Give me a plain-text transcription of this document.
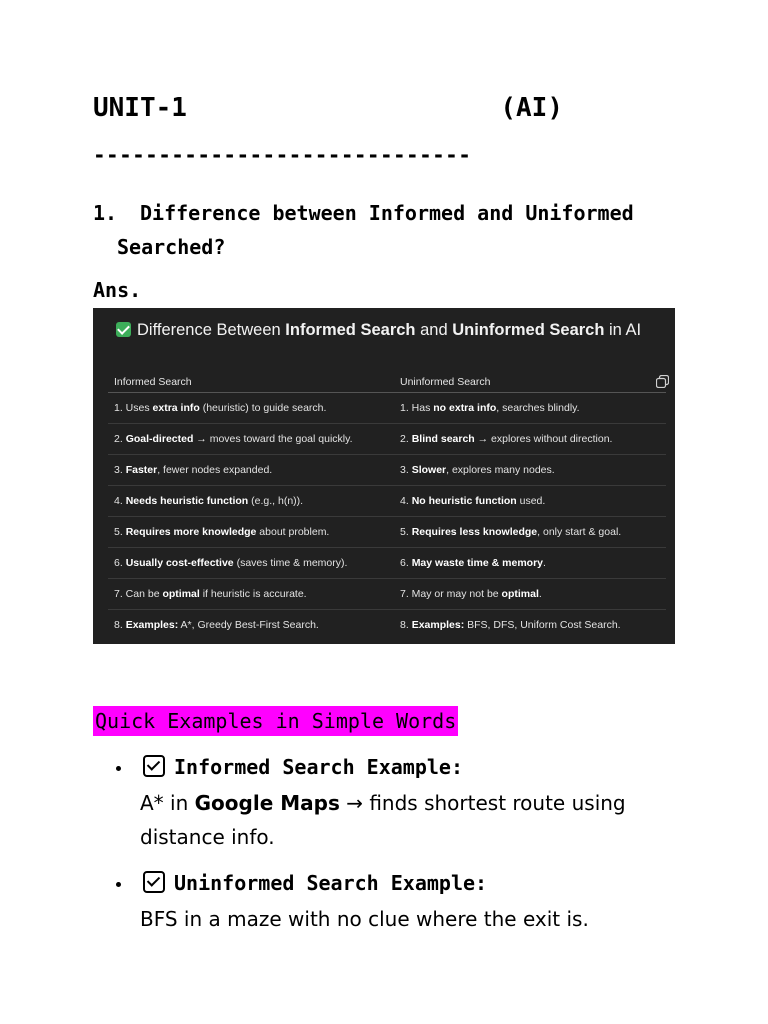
UNIT-1	(AI)
-----------------------------
1. Difference between Informed and Uniformed
Searched?
Ans.
Difference Between Informed Search and Uninformed Search in AI
Informed Search	Uninformed Search
1. Uses extra info (heuristic) to guide search.	1. Has no extra info, searches blindly.
2. Goal-directed → moves toward the goal quickly.	2. Blind search → explores without direction.
3. Faster, fewer nodes expanded.	3. Slower, explores many nodes.
4. Needs heuristic function (e.g., h(n)).	4. No heuristic function used.
5. Requires more knowledge about problem.	5. Requires less knowledge, only start & goal.
6. Usually cost-effective (saves time & memory).	6. May waste time & memory.
7. Can be optimal if heuristic is accurate.	7. May or may not be optimal.
8. Examples: A*, Greedy Best-First Search.	8. Examples: BFS, DFS, Uniform Cost Search.
Quick Examples in Simple Words
Informed Search Example:
A* in Google Maps → finds shortest route using distance info.
Uninformed Search Example:
BFS in a maze with no clue where the exit is.
